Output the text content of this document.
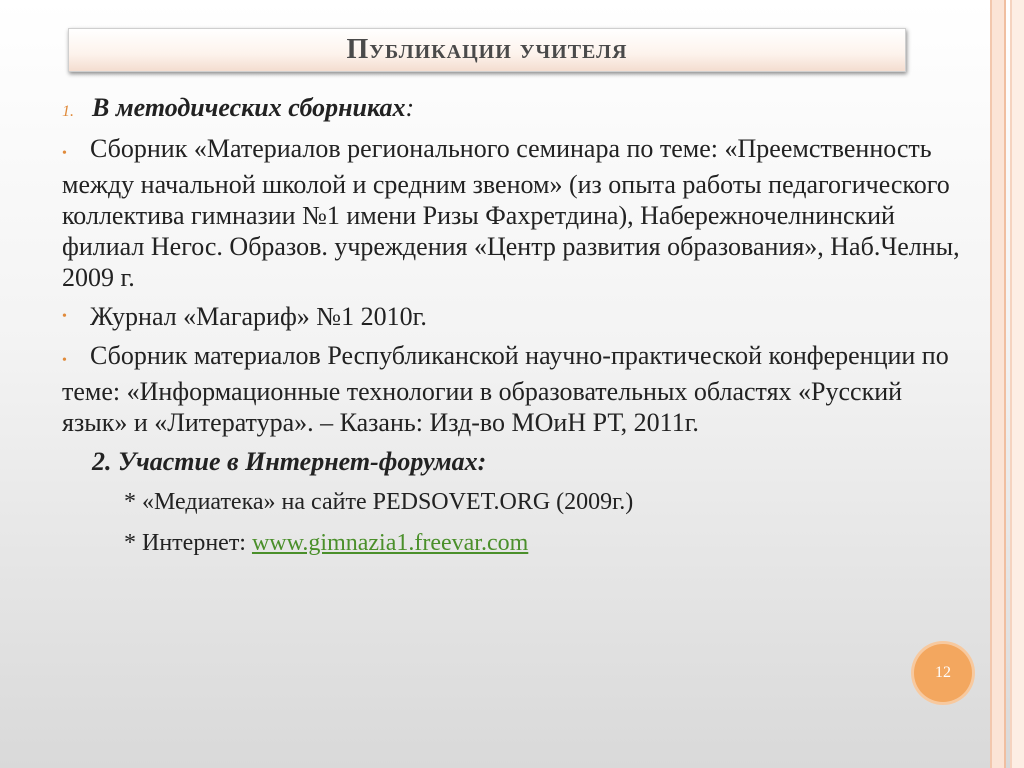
Публикации учителя
1. В методических сборниках :
• Сборник «Материалов регионального семинара по теме: «Преемственность между начальной школой и средним звеном» (из опыта работы педагогического коллектива гимназии №1 имени Ризы Фахретдина), Набережночелнинский филиал Негос. Образов. учреждения «Центр развития образования», Наб.Челны, 2009 г.
• Журнал «Магариф» №1 2010г.
• Сборник материалов Республиканской научно-практической конференции по теме: «Информационные технологии в образовательных областях «Русский язык» и «Литература». – Казань: Изд-во МОиН РТ, 2011г.
2. Участие в Интернет-форумах:
* «Медиатека» на сайте PEDSOVET.ORG (2009г.)
* Интернет: www.gimnazia1.freevar.com
12
